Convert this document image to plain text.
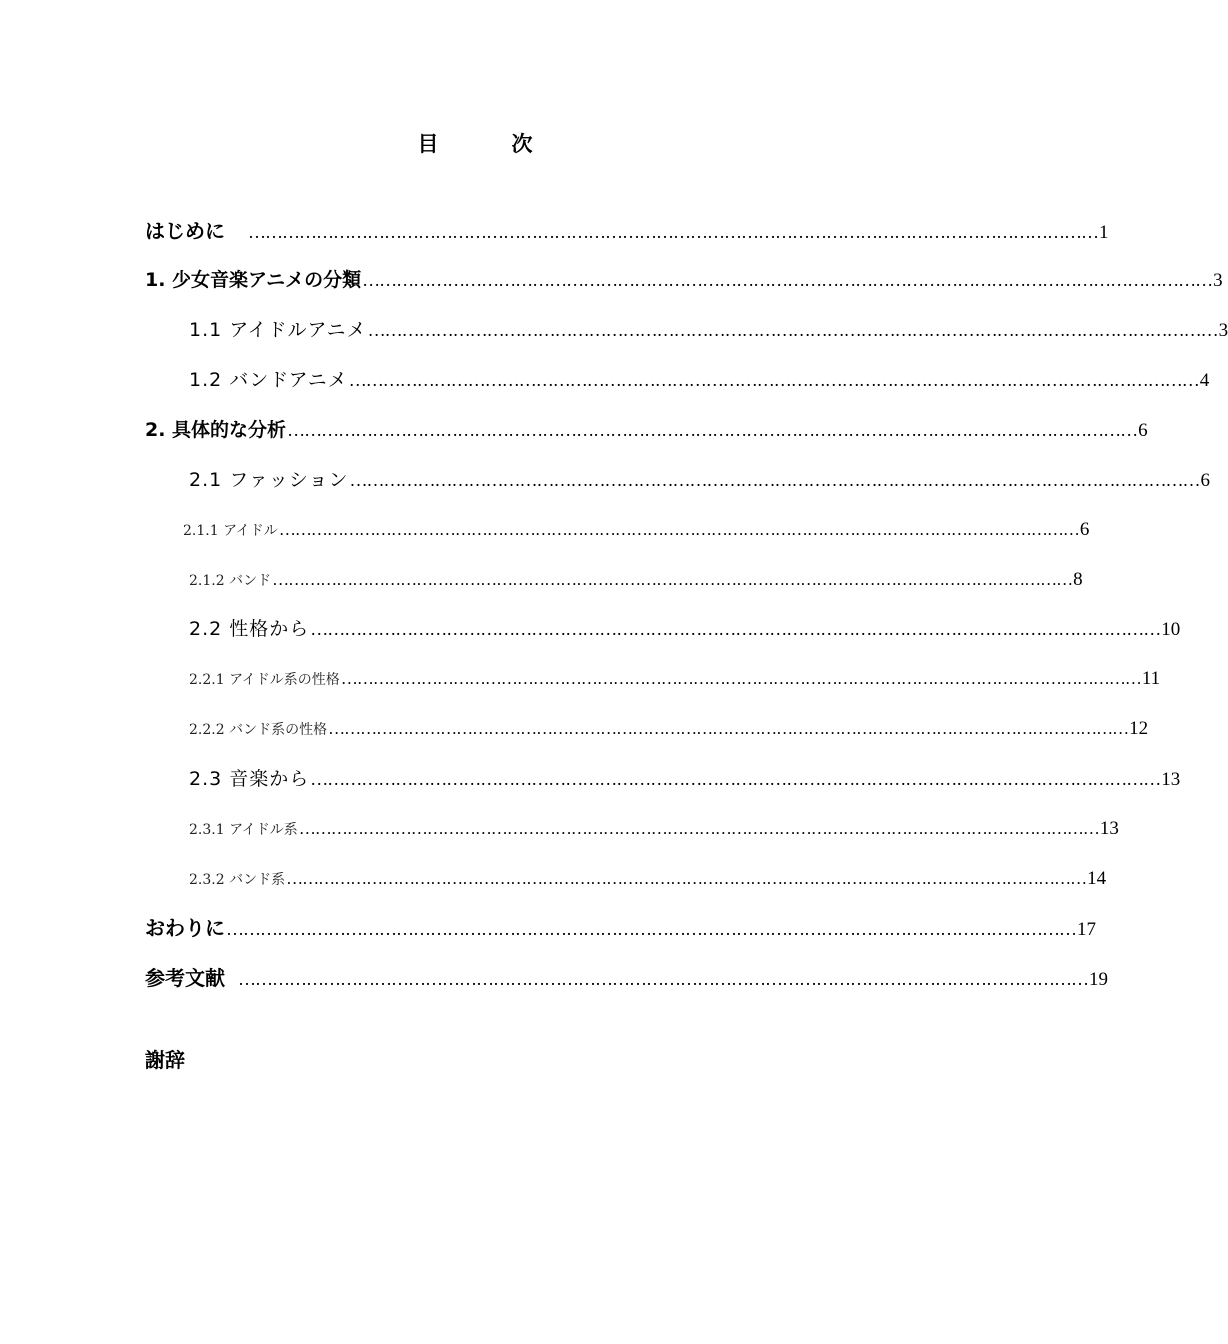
目　次
はじめに …………………………………………………………………………………………………………………………………… 1
1. 少女音楽アニメの分類 …………………………………………………………………………………………………………………………………… 3
1.1 アイドルアニメ …………………………………………………………………………………………………………………………………… 3
1.2 バンドアニメ …………………………………………………………………………………………………………………………………… 4
2. 具体的な分析 …………………………………………………………………………………………………………………………………… 6
2.1 ファッション …………………………………………………………………………………………………………………………………… 6
2.1.1 アイドル …………………………………………………………………………………………………………………………………… 6
2.1.2 バンド …………………………………………………………………………………………………………………………………… 8
2.2 性格から …………………………………………………………………………………………………………………………………… 10
2.2.1 アイドル系の性格 …………………………………………………………………………………………………………………………………… 11
2.2.2 バンド系の性格 …………………………………………………………………………………………………………………………………… 12
2.3 音楽から …………………………………………………………………………………………………………………………………… 13
2.3.1 アイドル系 …………………………………………………………………………………………………………………………………… 13
2.3.2 バンド系 …………………………………………………………………………………………………………………………………… 14
おわりに …………………………………………………………………………………………………………………………………… 17
参考文献 …………………………………………………………………………………………………………………………………… 19
謝辞
